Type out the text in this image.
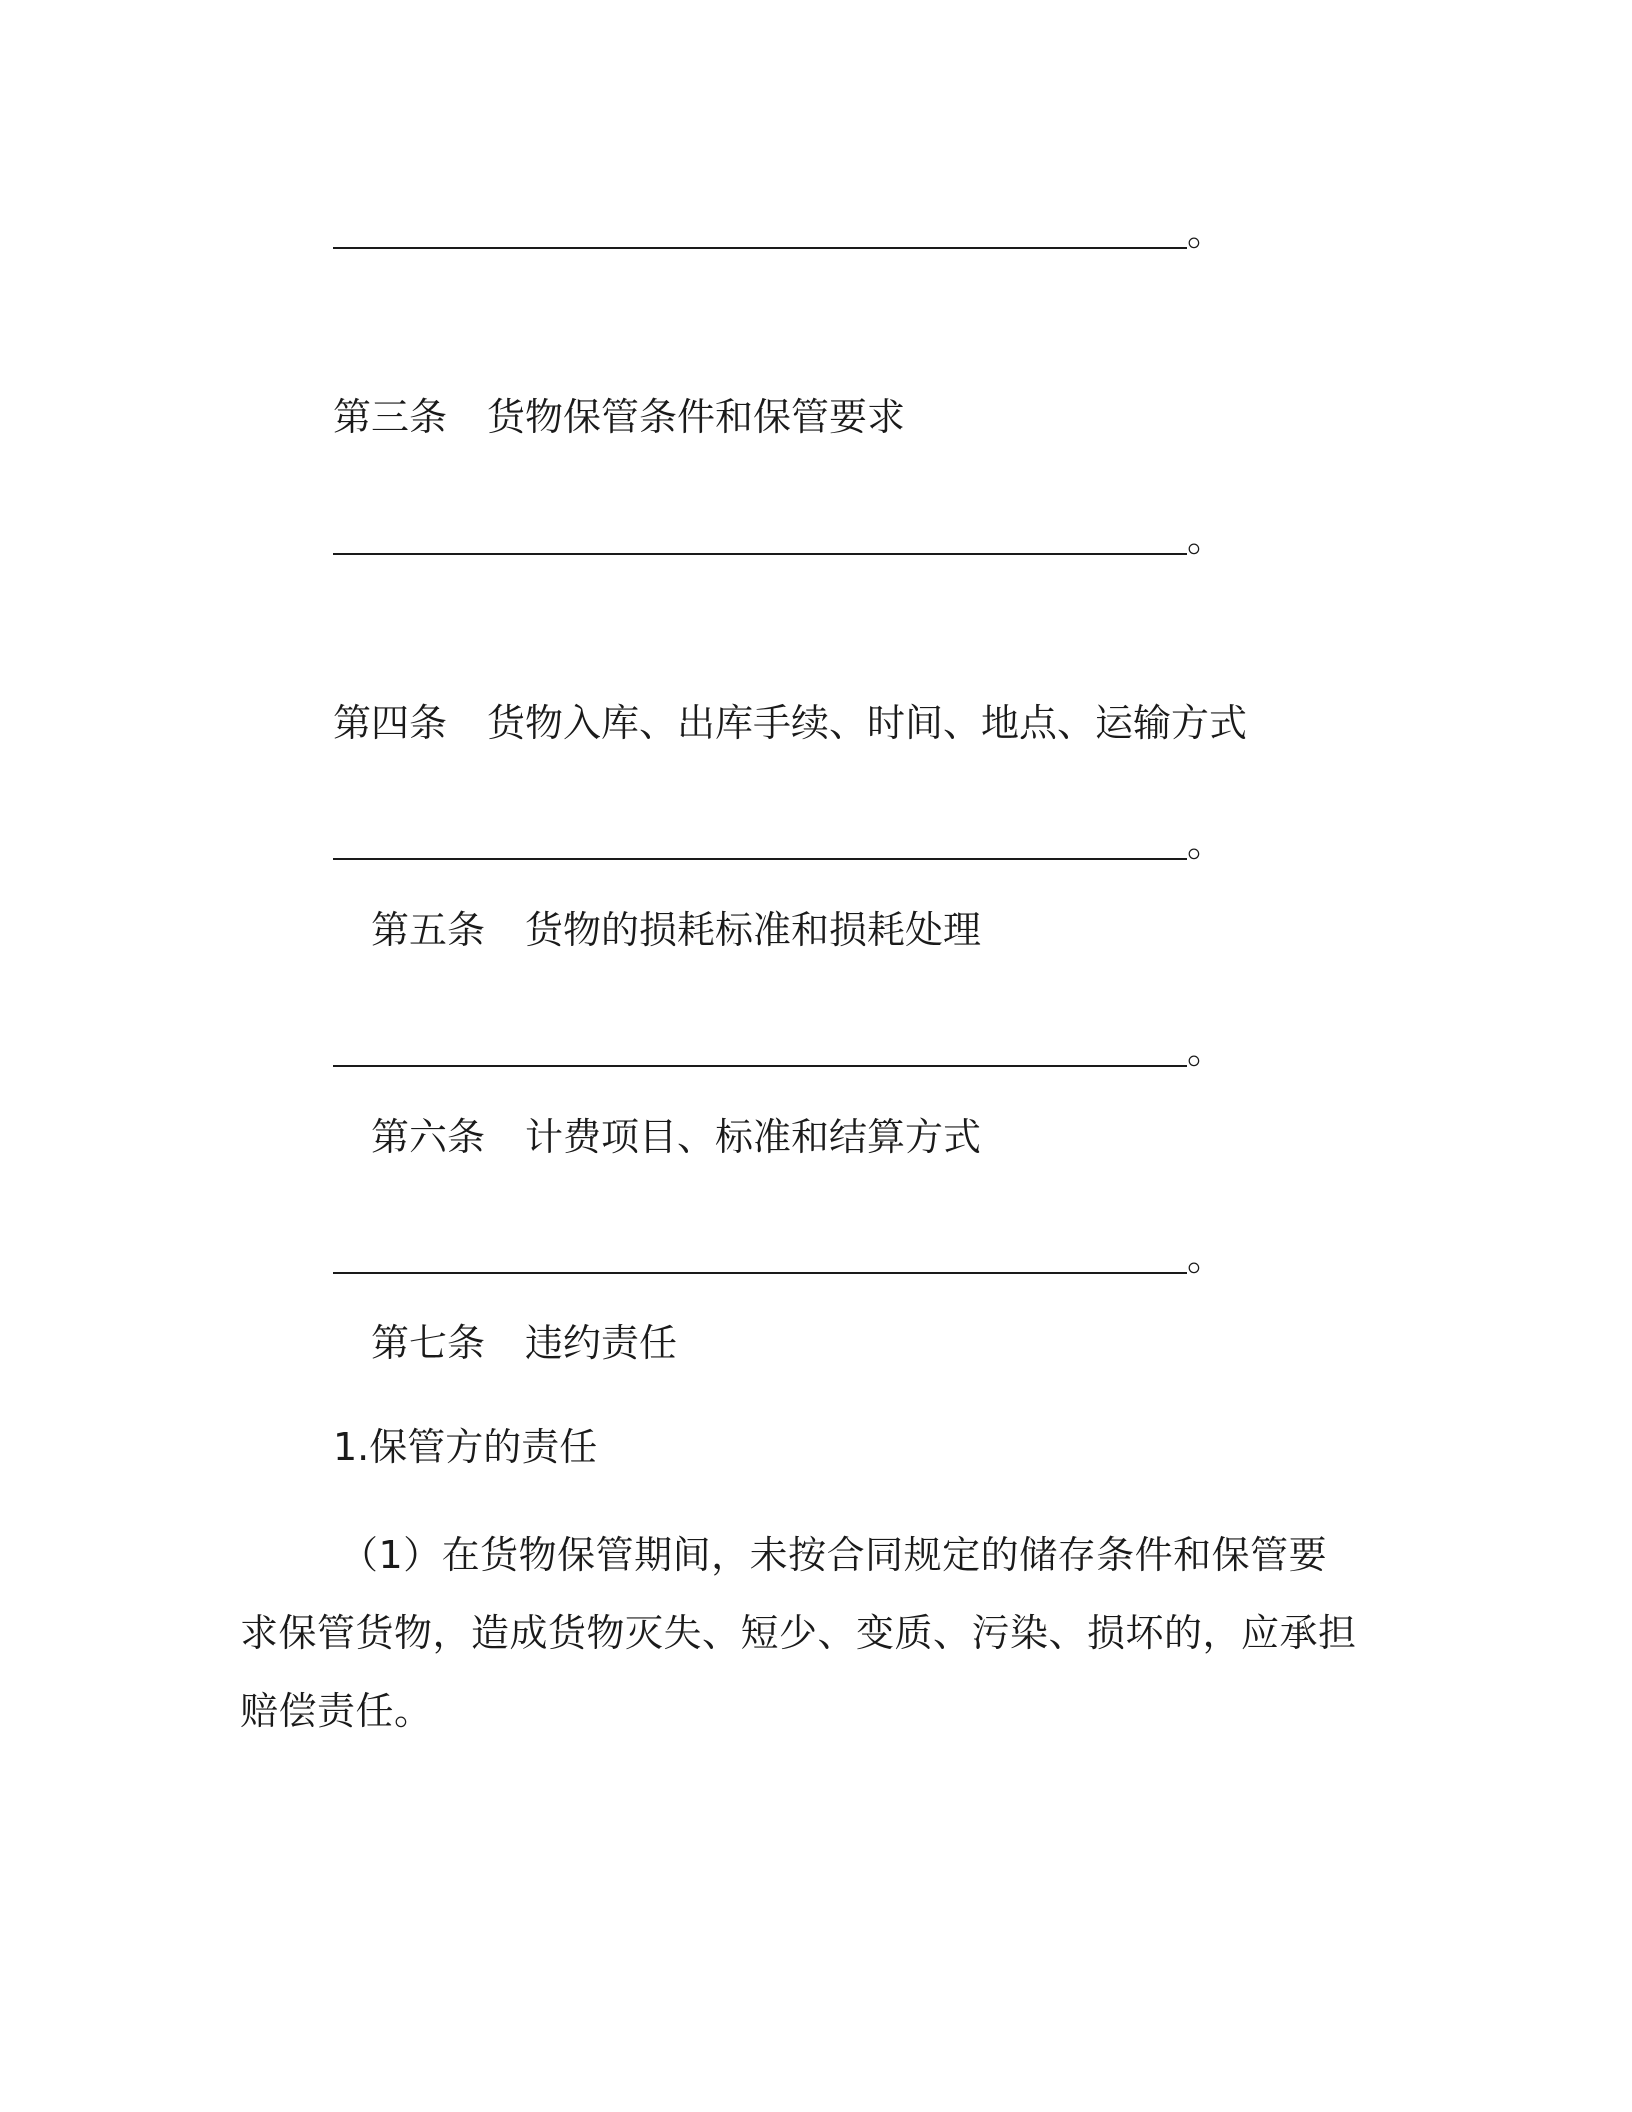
。
第三条 货物保管条件和保管要求
。
第四条 货物入库、出库手续、时间、地点、运输方式
。
第五条 货物的损耗标准和损耗处理
。
第六条 计费项目、标准和结算方式
。
第七条 违约责任
1.保管方的责任
（1）在货物保管期间，未按合同规定的储存条件和保管要求保管货物，造成货物灭失、短少、变质、污染、损坏的，应承担赔偿责任。
